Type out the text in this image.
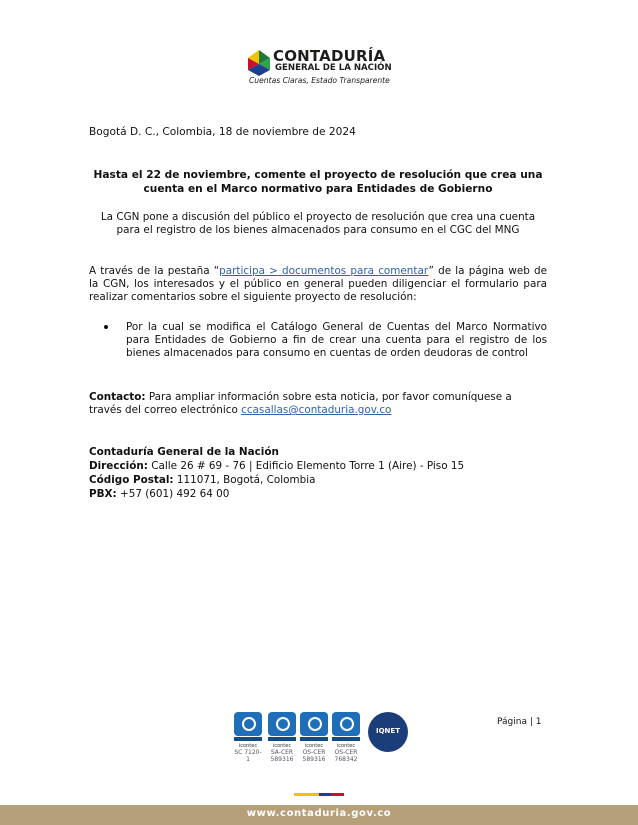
CONTADURÍA
GENERAL DE LA NACIÓN
Cuentas Claras, Estado Transparente
Bogotá D. C., Colombia, 18 de noviembre de 2024
Hasta el 22 de noviembre, comente el proyecto de resolución que crea una cuenta en el Marco normativo para Entidades de Gobierno
La CGN pone a discusión del público el proyecto de resolución que crea una cuenta para el registro de los bienes almacenados para consumo en el CGC del MNG
A través de la pestaña “participa > documentos para comentar” de la página web de la CGN, los interesados y el público en general pueden diligenciar el formulario para realizar comentarios sobre el siguiente proyecto de resolución:
Por la cual se modifica el Catálogo General de Cuentas del Marco Normativo para Entidades de Gobierno a fin de crear una cuenta para el registro de los bienes almacenados para consumo en cuentas de orden deudoras de control
Contacto: Para ampliar información sobre esta noticia, por favor comuníquese a través del correo electrónico ccasallas@contaduria.gov.co
Contaduría General de la Nación
Dirección: Calle 26 # 69 - 76 | Edificio Elemento Torre 1 (Aire) - Piso 15
Código Postal: 111071, Bogotá, Colombia
PBX: +57 (601) 492 64 00
icontec
SC 7120-1
icontec
SA-CER 589316
icontec
OS-CER 589316
icontec
OS-CER 768342
IQNET
Página | 1
www.contaduria.gov.co
